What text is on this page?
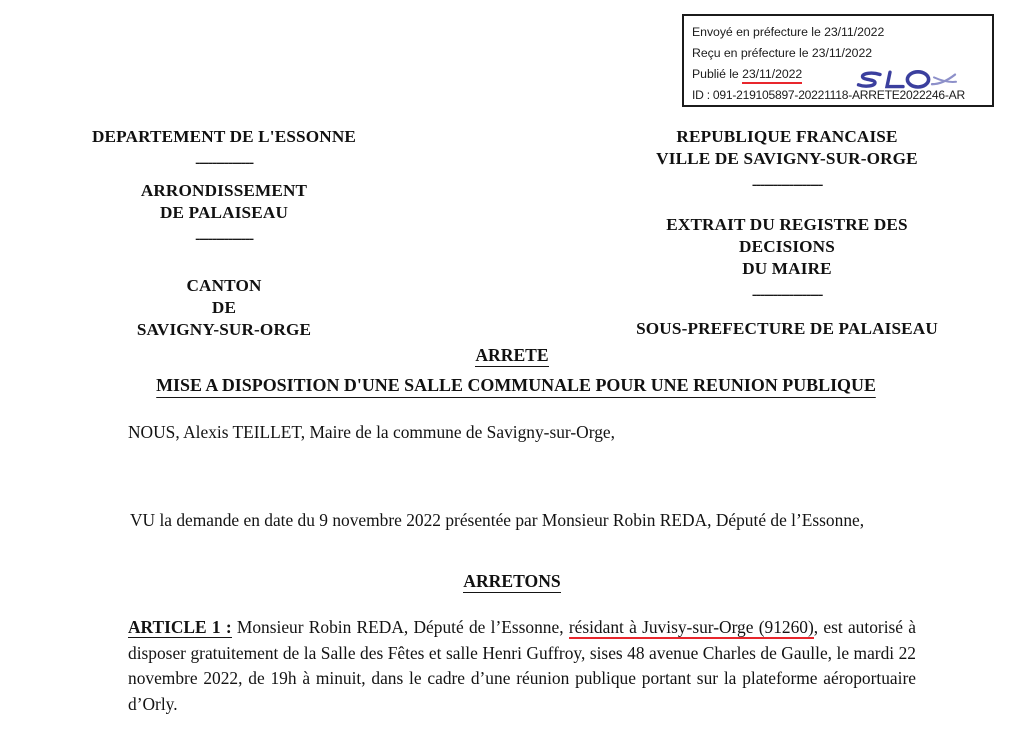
Envoyé en préfecture le 23/11/2022
Reçu en préfecture le 23/11/2022
Publié le 23/11/2022
ID : 091-219105897-20221118-ARRETE2022246-AR
DEPARTEMENT DE L'ESSONNE
--------------
ARRONDISSEMENT
DE PALAISEAU
--------------
CANTON
DE
SAVIGNY-SUR-ORGE
REPUBLIQUE FRANCAISE
VILLE DE SAVIGNY-SUR-ORGE
-----------------
EXTRAIT DU REGISTRE DES
DECISIONS
DU MAIRE
-----------------
SOUS-PREFECTURE DE PALAISEAU
ARRETE
MISE A DISPOSITION D'UNE SALLE COMMUNALE POUR UNE REUNION PUBLIQUE
NOUS, Alexis TEILLET, Maire de la commune de Savigny-sur-Orge,
VU la demande en date du 9 novembre 2022 présentée par Monsieur Robin REDA, Député de l’Essonne,
ARRETONS
ARTICLE 1 : Monsieur Robin REDA, Député de l’Essonne, résidant à Juvisy-sur-Orge (91260), est autorisé à disposer gratuitement de la Salle des Fêtes et salle Henri Guffroy, sises 48 avenue Charles de Gaulle, le mardi 22 novembre 2022, de 19h à minuit, dans le cadre d’une réunion publique portant sur la plateforme aéroportuaire d’Orly.
